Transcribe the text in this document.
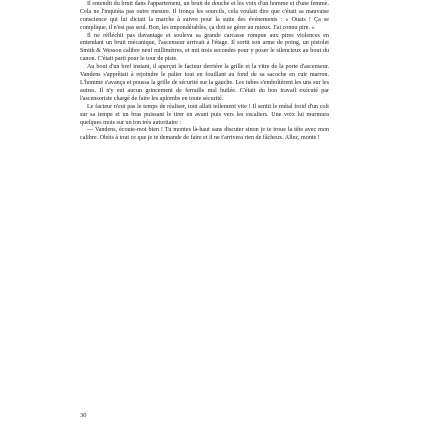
Il entendit du bruit dans l'appartement, un bruit de douche et les voix d'un homme et d'une femme. Cela ne l'inquiéta pas outre mesure. Il fronça les sourcils, cela voulait dire que c'était sa mauvaise conscience qui lui dictait la marche à suivre pour la suite des événements : « Ouais ! Ça se complique, il n'est pas seul. Bon, les impondérables, ça doit se gérer au mieux. J'ai connu pire. »

Il ne réfléchit pas davantage et souleva sa grande carcasse rompue aux pires violences en entendant un bruit mécanique, l'ascenseur arrivait à l'étage. Il sortit son arme de poing, un pistolet Smith & Wesson calibre neuf millimètres, et mit trois secondes pour y poser le silencieux au bout du canon. C'était parti pour le tour de piste.

Au bout d'un bref instant, il aperçut le facteur derrière la grille et la vitre de la porte d'ascenseur. Vandens s'apprêtait à rejoindre le palier tout en fouillant au fond de sa sacoche en cuir marron. L'homme s'avança et poussa la grille de sécurité sur la gauche. Les tubes s'emboîtèrent les uns sur les autres. Il n'y eut aucun grincement de ferraille mal huilée. C'était du bon travail exécuté par l'ascensoriste chargé de faire les aplombs en toute sécurité.

Le facteur n'eut pas le temps de réaliser, tout allait tellement vite ! Il sentit le métal froid d'un colt sur sa tempe et un bras puissant le tirer en avant puis vers les escaliers. Une voix lui murmura quelques mots sur un ton très autoritaire :

— Vandens, écoute-moi bien ! Tu montes là-haut sans discuter sinon je te troue la tête avec mon calibre. Obéis à tout ce que je te demande de faire et il ne t'arrivera rien de fâcheux. Allez, monte !

30
